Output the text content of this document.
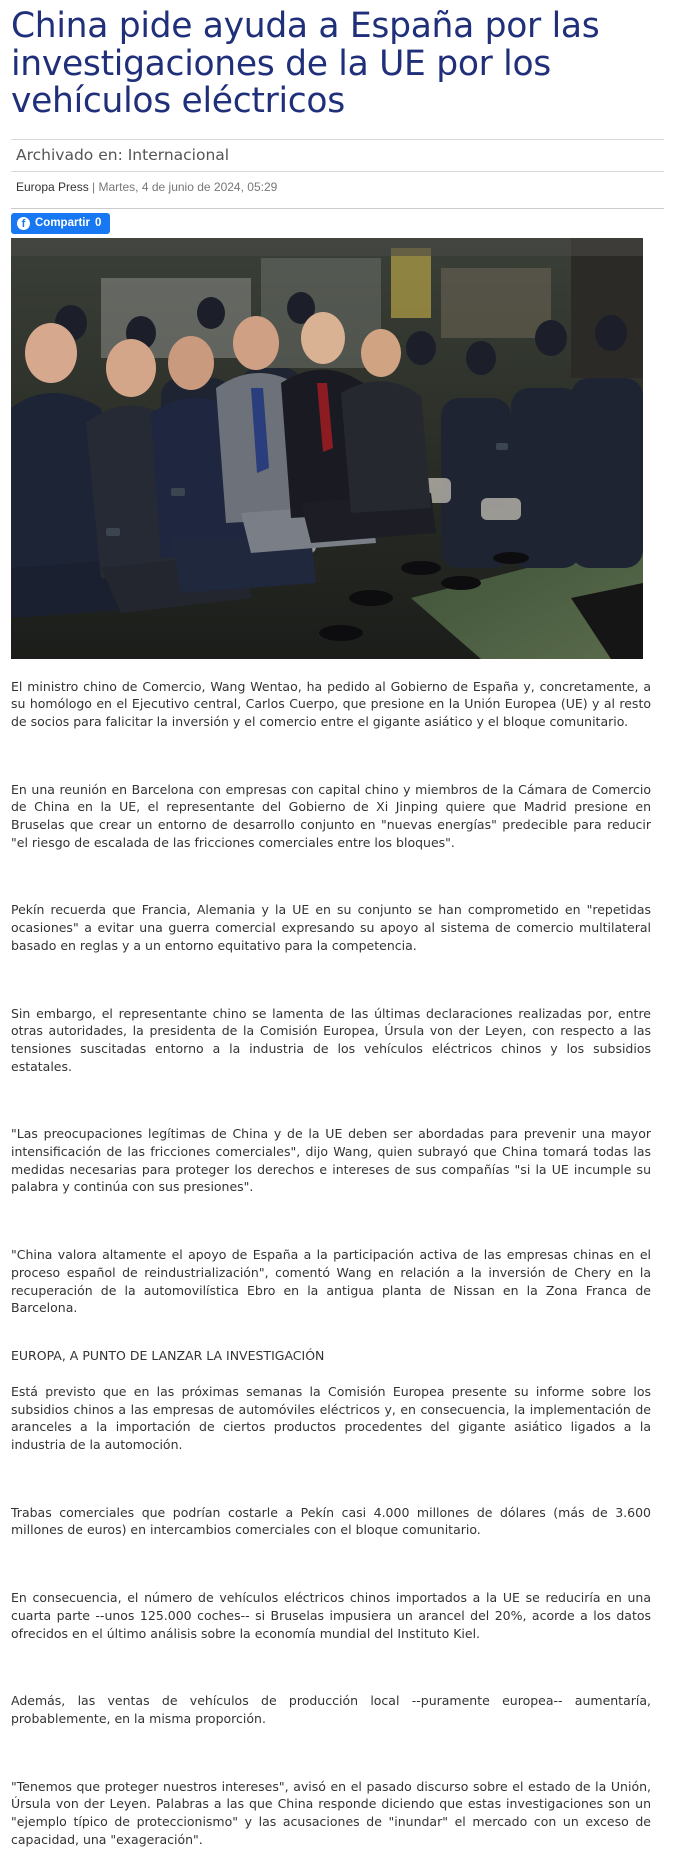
China pide ayuda a España por las investigaciones de la UE por los vehículos eléctricos
Archivado en: Internacional
Europa Press | Martes, 4 de junio de 2024, 05:29
f Compartir 0

El ministro chino de Comercio, Wang Wentao, ha pedido al Gobierno de España y, concretamente, a su homólogo en el Ejecutivo central, Carlos Cuerpo, que presione en la Unión Europea (UE) y al resto de socios para falicitar la inversión y el comercio entre el gigante asiático y el bloque comunitario.

En una reunión en Barcelona con empresas con capital chino y miembros de la Cámara de Comercio de China en la UE, el representante del Gobierno de Xi Jinping quiere que Madrid presione en Bruselas que crear un entorno de desarrollo conjunto en "nuevas energías" predecible para reducir "el riesgo de escalada de las fricciones comerciales entre los bloques".

Pekín recuerda que Francia, Alemania y la UE en su conjunto se han comprometido en "repetidas ocasiones" a evitar una guerra comercial expresando su apoyo al sistema de comercio multilateral basado en reglas y a un entorno equitativo para la competencia.

Sin embargo, el representante chino se lamenta de las últimas declaraciones realizadas por, entre otras autoridades, la presidenta de la Comisión Europea, Úrsula von der Leyen, con respecto a las tensiones suscitadas entorno a la industria de los vehículos eléctricos chinos y los subsidios estatales.

"Las preocupaciones legítimas de China y de la UE deben ser abordadas para prevenir una mayor intensificación de las fricciones comerciales", dijo Wang, quien subrayó que China tomará todas las medidas necesarias para proteger los derechos e intereses de sus compañías "si la UE incumple su palabra y continúa con sus presiones".

"China valora altamente el apoyo de España a la participación activa de las empresas chinas en el proceso español de reindustrialización", comentó Wang en relación a la inversión de Chery en la recuperación de la automovilística Ebro en la antigua planta de Nissan en la Zona Franca de Barcelona.

EUROPA, A PUNTO DE LANZAR LA INVESTIGACIÓN

Está previsto que en las próximas semanas la Comisión Europea presente su informe sobre los subsidios chinos a las empresas de automóviles eléctricos y, en consecuencia, la implementación de aranceles a la importación de ciertos productos procedentes del gigante asiático ligados a la industria de la automoción.

Trabas comerciales que podrían costarle a Pekín casi 4.000 millones de dólares (más de 3.600 millones de euros) en intercambios comerciales con el bloque comunitario.

En consecuencia, el número de vehículos eléctricos chinos importados a la UE se reduciría en una cuarta parte --unos 125.000 coches-- si Bruselas impusiera un arancel del 20%, acorde a los datos ofrecidos en el último análisis sobre la economía mundial del Instituto Kiel.

Además, las ventas de vehículos de producción local --puramente europea-- aumentaría, probablemente, en la misma proporción.

"Tenemos que proteger nuestros intereses", avisó en el pasado discurso sobre el estado de la Unión, Úrsula von der Leyen. Palabras a las que China responde diciendo que estas investigaciones son un "ejemplo típico de proteccionismo" y las acusaciones de "inundar" el mercado con un exceso de capacidad, una "exageración".
